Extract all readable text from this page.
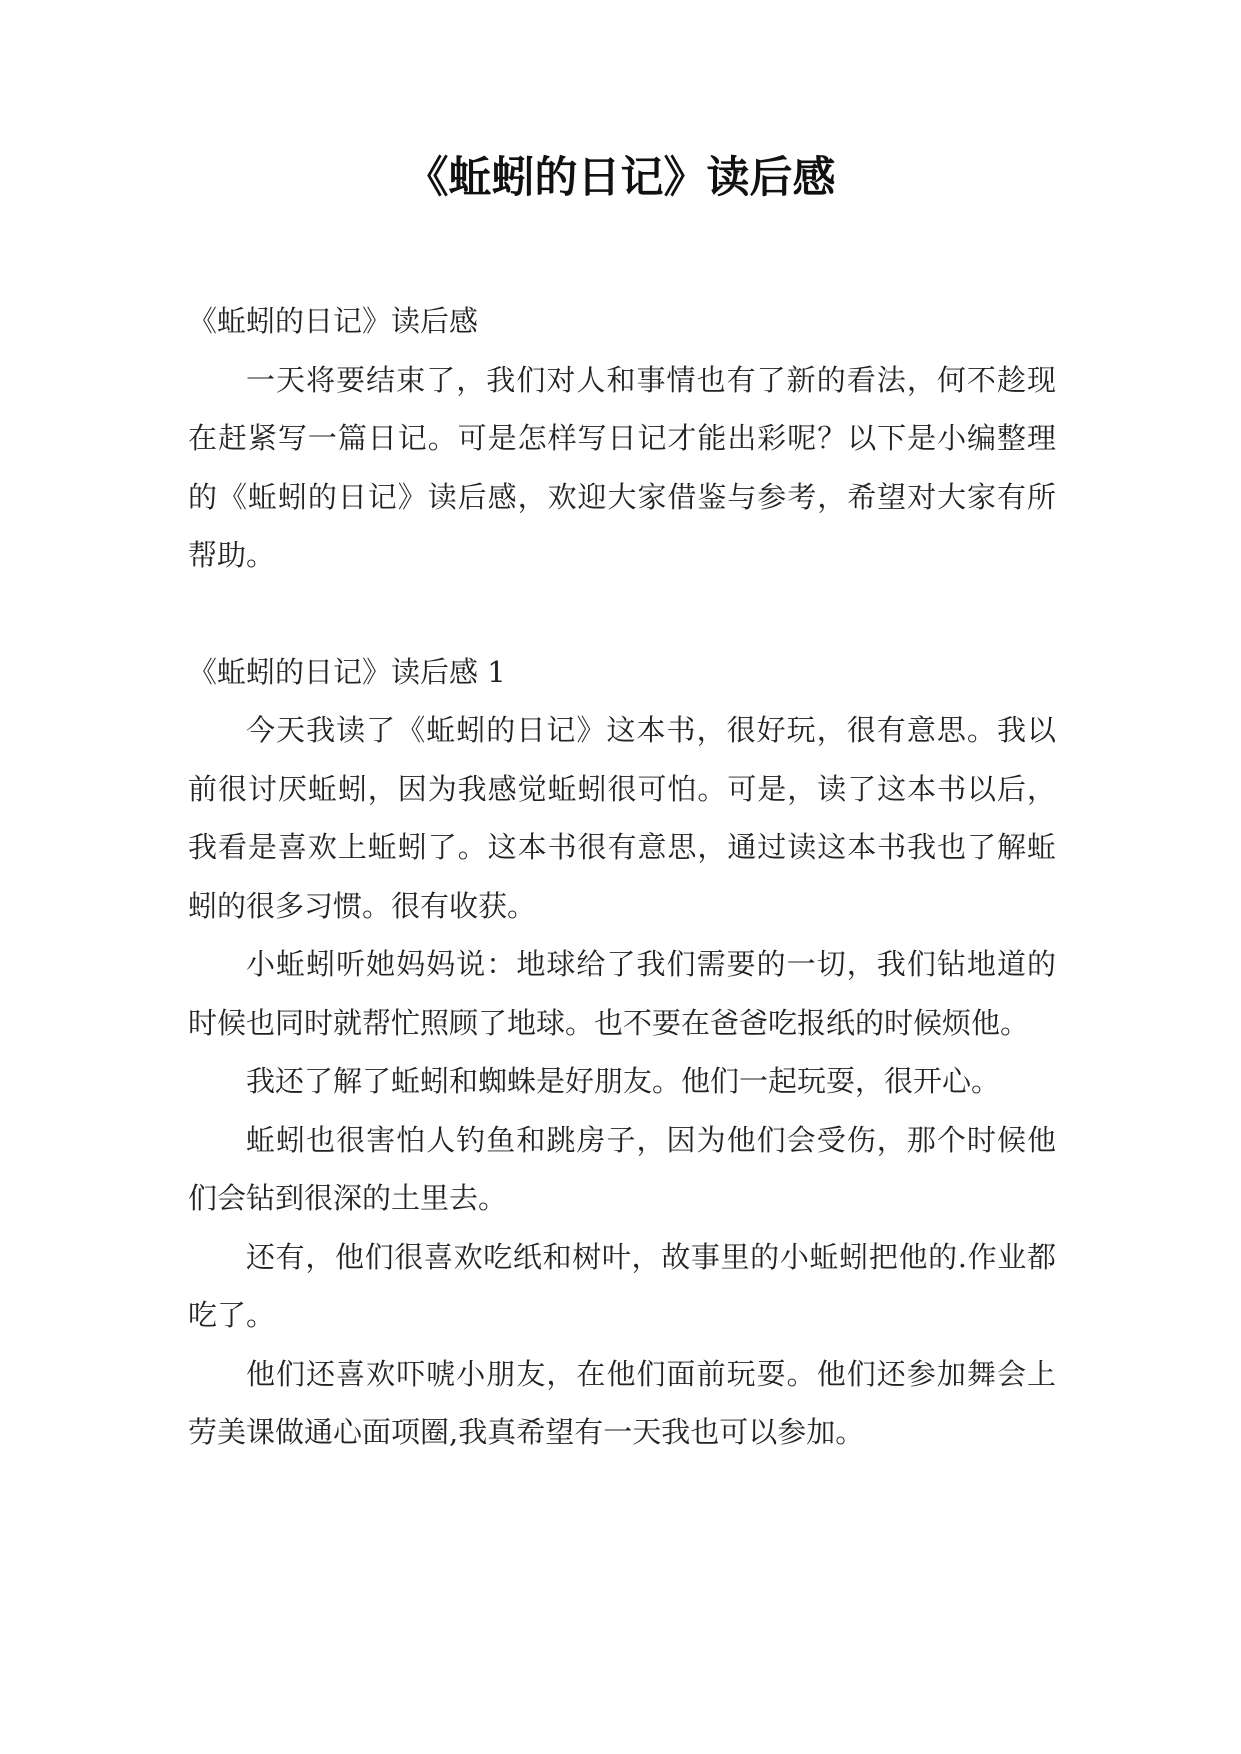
《蚯蚓的日记》读后感

《蚯蚓的日记》读后感

一天将要结束了，我们对人和事情也有了新的看法，何不趁现在赶紧写一篇日记。可是怎样写日记才能出彩呢？以下是小编整理的《蚯蚓的日记》读后感，欢迎大家借鉴与参考，希望对大家有所帮助。

《蚯蚓的日记》读后感 1

今天我读了《蚯蚓的日记》这本书，很好玩，很有意思。我以前很讨厌蚯蚓，因为我感觉蚯蚓很可怕。可是，读了这本书以后，我看是喜欢上蚯蚓了。这本书很有意思，通过读这本书我也了解蚯蚓的很多习惯。很有收获。

小蚯蚓听她妈妈说：地球给了我们需要的一切，我们钻地道的时候也同时就帮忙照顾了地球。也不要在爸爸吃报纸的时候烦他。

我还了解了蚯蚓和蜘蛛是好朋友。他们一起玩耍，很开心。

蚯蚓也很害怕人钓鱼和跳房子，因为他们会受伤，那个时候他们会钻到很深的土里去。

还有，他们很喜欢吃纸和树叶，故事里的小蚯蚓把他的.作业都吃了。

他们还喜欢吓唬小朋友，在他们面前玩耍。他们还参加舞会上劳美课做通心面项圈,我真希望有一天我也可以参加。
